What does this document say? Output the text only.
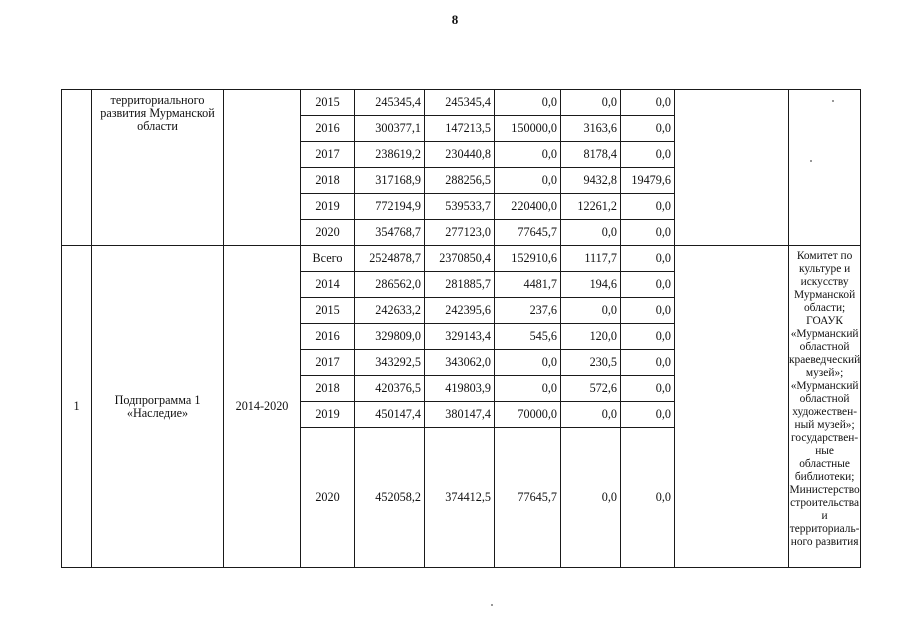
8
	территориального развития Мурманской области		2015	245345,4	245345,4	0,0	0,0	0,0		
			2016	300377,1	147213,5	150000,0	3163,6	0,0		
			2017	238619,2	230440,8	0,0	8178,4	0,0		
			2018	317168,9	288256,5	0,0	9432,8	19479,6		
			2019	772194,9	539533,7	220400,0	12261,2	0,0		
			2020	354768,7	277123,0	77645,7	0,0	0,0		
1	Подпрограмма 1 «Наследие»	2014-2020	Всего	2524878,7	2370850,4	152910,6	1117,7	0,0		Комитет по культуре и искусству Мурманской области; ГОАУК «Мурманский областной краеведческий музей»; «Мурманский областной художествен-ный музей»; государствен-ные областные библиотеки; Министерство строительства и территориаль-ного развития
			2014	286562,0	281885,7	4481,7	194,6	0,0		
			2015	242633,2	242395,6	237,6	0,0	0,0		
			2016	329809,0	329143,4	545,6	120,0	0,0		
			2017	343292,5	343062,0	0,0	230,5	0,0		
			2018	420376,5	419803,9	0,0	572,6	0,0		
			2019	450147,4	380147,4	70000,0	0,0	0,0		
			2020	452058,2	374412,5	77645,7	0,0	0,0		
